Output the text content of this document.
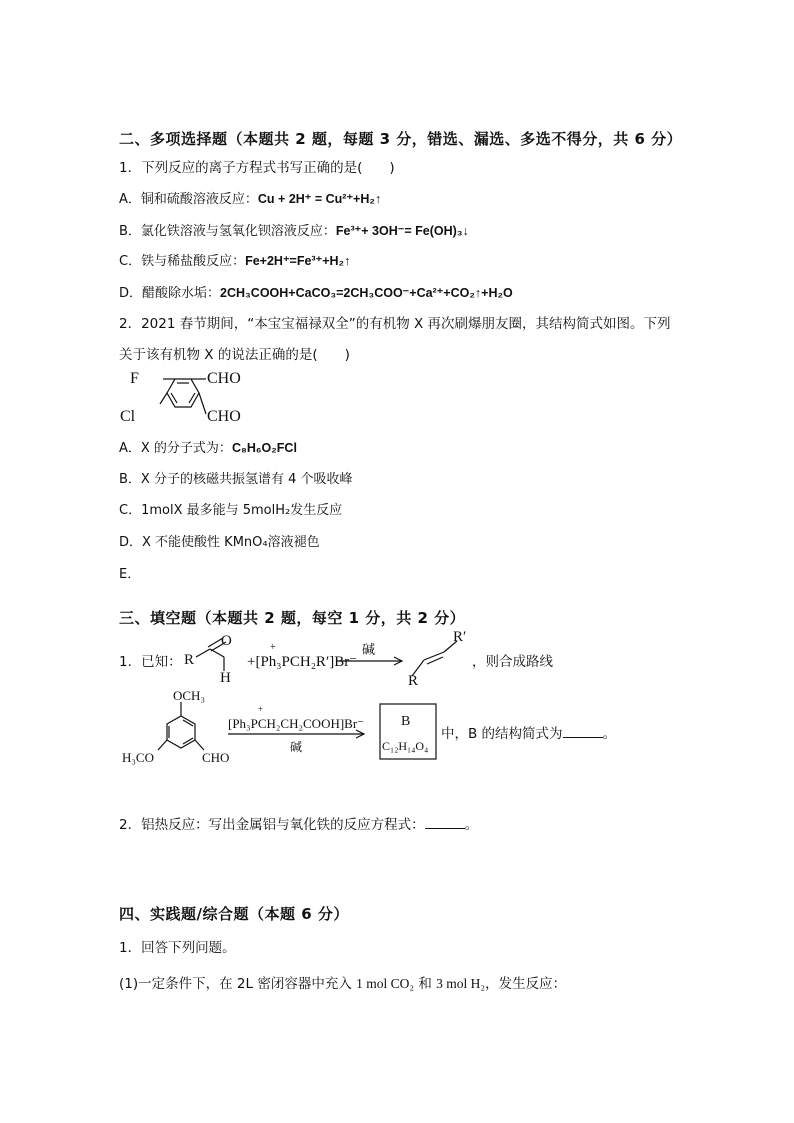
二、多项选择题（本题共 2 题，每题 3 分，错选、漏选、多选不得分，共 6 分）
1．下列反应的离子方程式书写正确的是(　　)
A．铜和硫酸溶液反应：Cu + 2H⁺ = Cu²⁺+H₂↑
B．氯化铁溶液与氢氧化钡溶液反应：Fe³⁺+ 3OH⁻= Fe(OH)₃↓
C．铁与稀盐酸反应：Fe+2H⁺=Fe³⁺+H₂↑
D．醋酸除水垢：2CH₃COOH+CaCO₃=2CH₃COO⁻+Ca²⁺+CO₂↑+H₂O
2．2021 春节期间，“本宝宝福禄双全”的有机物 X 再次刷爆朋友圈，其结构简式如图。下列
关于该有机物 X 的说法正确的是(　　)
F
Cl
CHO
CHO
A．X 的分子式为：C₈H₆O₂FCl
B．X 分子的核磁共振氢谱有 4 个吸收峰
C．1molX 最多能与 5molH₂发生反应
D．X 不能使酸性 KMnO₄溶液褪色
E．
三、填空题（本题共 2 题，每空 1 分，共 2 分）
1．已知： R
O
H
+[Ph₃PCH₂R′]Br⁻
+	碱
R
R′
，则合成路线
OCH₃
H₃CO	CHO
[Ph₃PCH₂CH₂COOH]Br⁻
+
碱
B
C₁₂H₁₄O₄
中，B 的结构简式为	。
2．铝热反应：写出金属铝与氧化铁的反应方程式：	。
四、实践题/综合题（本题 6 分）
1．回答下列问题。
(1)一定条件下，在 2L 密闭容器中充入 1 mol CO₂ 和 3 mol H₂，发生反应：
